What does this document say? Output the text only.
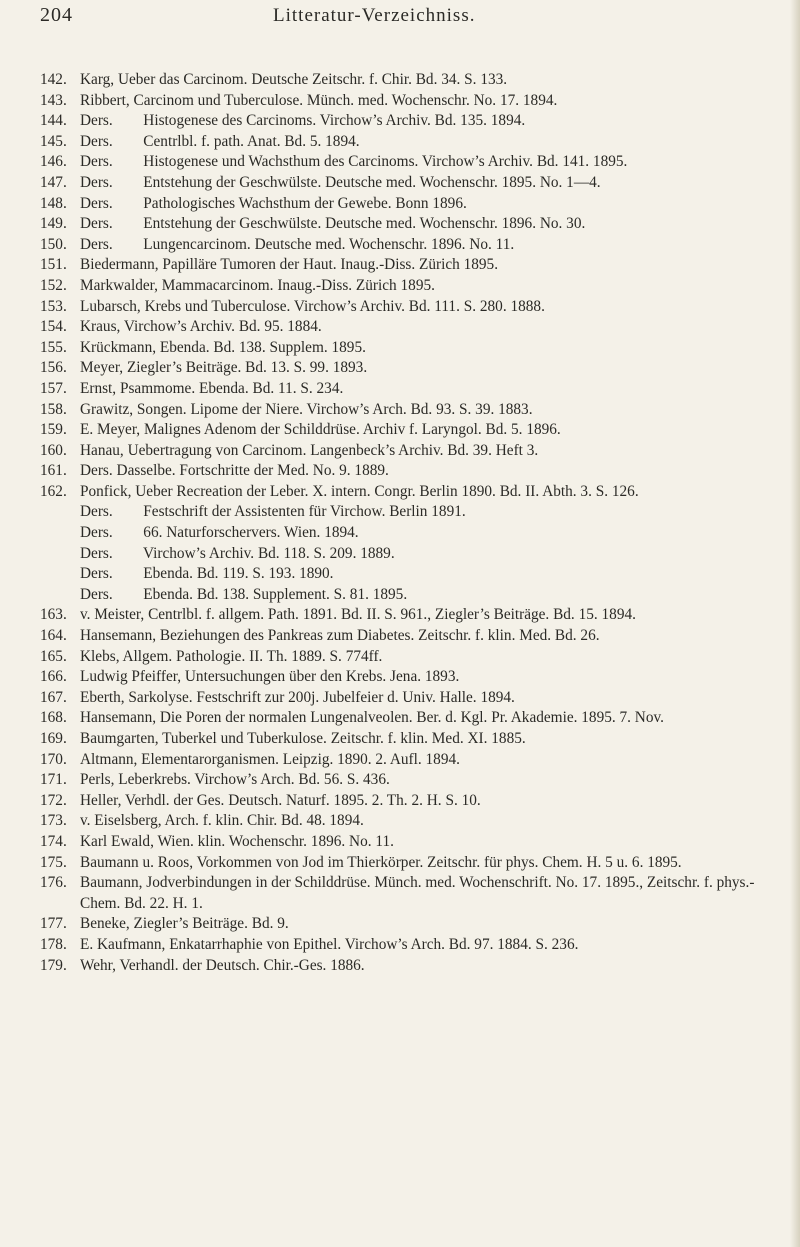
204	Litteratur-Verzeichniss.
142. Karg, Ueber das Carcinom. Deutsche Zeitschr. f. Chir. Bd. 34. S. 133.
143. Ribbert, Carcinom und Tuberculose. Münch. med. Wochenschr. No. 17. 1894.
144. Ders.        Histogenese des Carcinoms. Virchow’s Archiv. Bd. 135. 1894.
145. Ders.        Centrlbl. f. path. Anat. Bd. 5. 1894.
146. Ders.        Histogenese und Wachsthum des Carcinoms. Virchow’s Archiv. Bd. 141. 1895.
147. Ders.        Entstehung der Geschwülste. Deutsche med. Wochenschr. 1895. No. 1—4.
148. Ders.        Pathologisches Wachsthum der Gewebe. Bonn 1896.
149. Ders.        Entstehung der Geschwülste. Deutsche med. Wochenschr. 1896. No. 30.
150. Ders.        Lungencarcinom. Deutsche med. Wochenschr. 1896. No. 11.
151. Biedermann, Papilläre Tumoren der Haut. Inaug.-Diss. Zürich 1895.
152. Markwalder, Mammacarcinom. Inaug.-Diss. Zürich 1895.
153. Lubarsch, Krebs und Tuberculose. Virchow’s Archiv. Bd. 111. S. 280. 1888.
154. Kraus, Virchow’s Archiv. Bd. 95. 1884.
155. Krückmann, Ebenda. Bd. 138. Supplem. 1895.
156. Meyer, Ziegler’s Beiträge. Bd. 13. S. 99. 1893.
157. Ernst, Psammome. Ebenda. Bd. 11. S. 234.
158. Grawitz, Songen. Lipome der Niere. Virchow’s Arch. Bd. 93. S. 39. 1883.
159. E. Meyer, Malignes Adenom der Schilddrüse. Archiv f. Laryngol. Bd. 5. 1896.
160. Hanau, Uebertragung von Carcinom. Langenbeck’s Archiv. Bd. 39. Heft 3.
161. Ders. Dasselbe. Fortschritte der Med. No. 9. 1889.
162. Ponfick, Ueber Recreation der Leber. X. intern. Congr. Berlin 1890. Bd. II. Abth. 3. S. 126.
Ders.        Festschrift der Assistenten für Virchow. Berlin 1891.
Ders.        66. Naturforschervers. Wien. 1894.
Ders.        Virchow’s Archiv. Bd. 118. S. 209. 1889.
Ders.        Ebenda. Bd. 119. S. 193. 1890.
Ders.        Ebenda. Bd. 138. Supplement. S. 81. 1895.
163. v. Meister, Centrlbl. f. allgem. Path. 1891. Bd. II. S. 961., Ziegler’s Beiträge. Bd. 15. 1894.
164. Hansemann, Beziehungen des Pankreas zum Diabetes. Zeitschr. f. klin. Med. Bd. 26.
165. Klebs, Allgem. Pathologie. II. Th. 1889. S. 774ff.
166. Ludwig Pfeiffer, Untersuchungen über den Krebs. Jena. 1893.
167. Eberth, Sarkolyse. Festschrift zur 200j. Jubelfeier d. Univ. Halle. 1894.
168. Hansemann, Die Poren der normalen Lungenalveolen. Ber. d. Kgl. Pr. Akademie. 1895. 7. Nov.
169. Baumgarten, Tuberkel und Tuberkulose. Zeitschr. f. klin. Med. XI. 1885.
170. Altmann, Elementarorganismen. Leipzig. 1890. 2. Aufl. 1894.
171. Perls, Leberkrebs. Virchow’s Arch. Bd. 56. S. 436.
172. Heller, Verhdl. der Ges. Deutsch. Naturf. 1895. 2. Th. 2. H. S. 10.
173. v. Eiselsberg, Arch. f. klin. Chir. Bd. 48. 1894.
174. Karl Ewald, Wien. klin. Wochenschr. 1896. No. 11.
175. Baumann u. Roos, Vorkommen von Jod im Thierkörper. Zeitschr. für phys. Chem. H. 5 u. 6. 1895.
176. Baumann, Jodverbindungen in der Schilddrüse. Münch. med. Wochenschrift. No. 17. 1895., Zeitschr. f. phys.-Chem. Bd. 22. H. 1.
177. Beneke, Ziegler’s Beiträge. Bd. 9.
178. E. Kaufmann, Enkatarrhaphie von Epithel. Virchow’s Arch. Bd. 97. 1884. S. 236.
179. Wehr, Verhandl. der Deutsch. Chir.-Ges. 1886.
